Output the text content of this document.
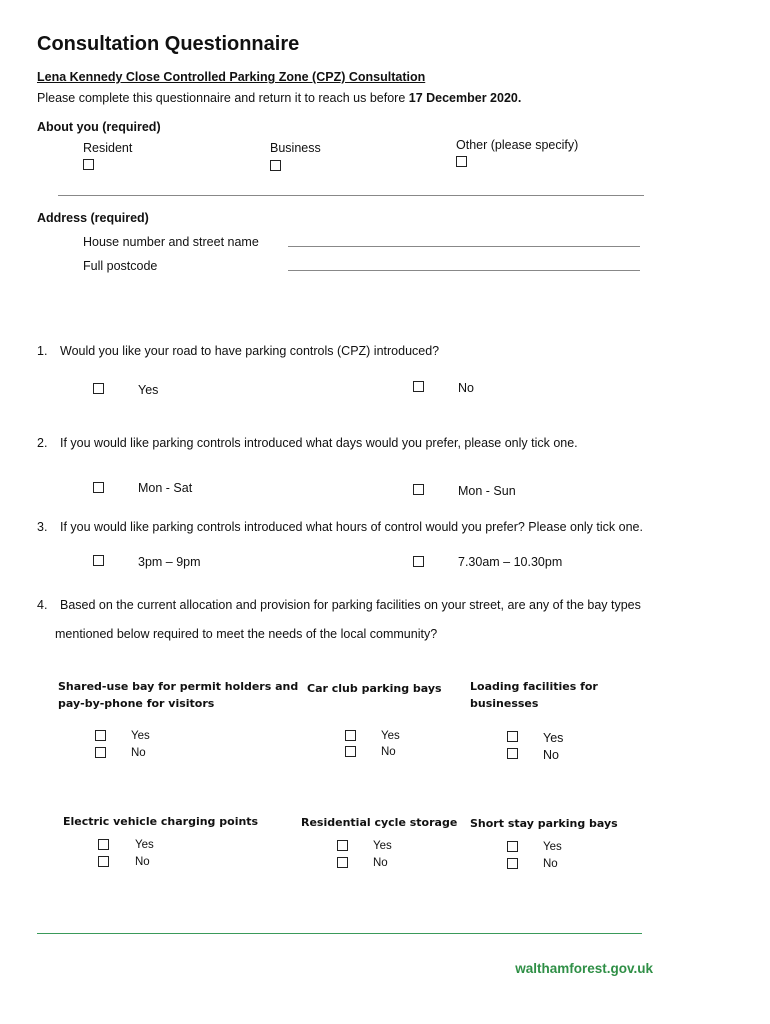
Consultation Questionnaire
Lena Kennedy Close Controlled Parking Zone (CPZ) Consultation
Please complete this questionnaire and return it to reach us before 17 December 2020.
About you (required)
Resident	Business	Other (please specify)
Address (required)
House number and street name
Full postcode
1. Would you like your road to have parking controls (CPZ) introduced?
Yes	No
2. If you would like parking controls introduced what days would you prefer, please only tick one.
Mon - Sat	Mon - Sun
3. If you would like parking controls introduced what hours of control would you prefer? Please only tick one.
3pm – 9pm	7.30am – 10.30pm
4. Based on the current allocation and provision for parking facilities on your street, are any of the bay types
mentioned below required to meet the needs of the local community?
Shared-use bay for permit holders and
pay-by-phone for visitors
Yes
No
Car club parking bays
Yes
No
Loading facilities for
businesses
Yes
No
Electric vehicle charging points
Yes
No
Residential cycle storage
Yes
No
Short stay parking bays
Yes
No
walthamforest.gov.uk
